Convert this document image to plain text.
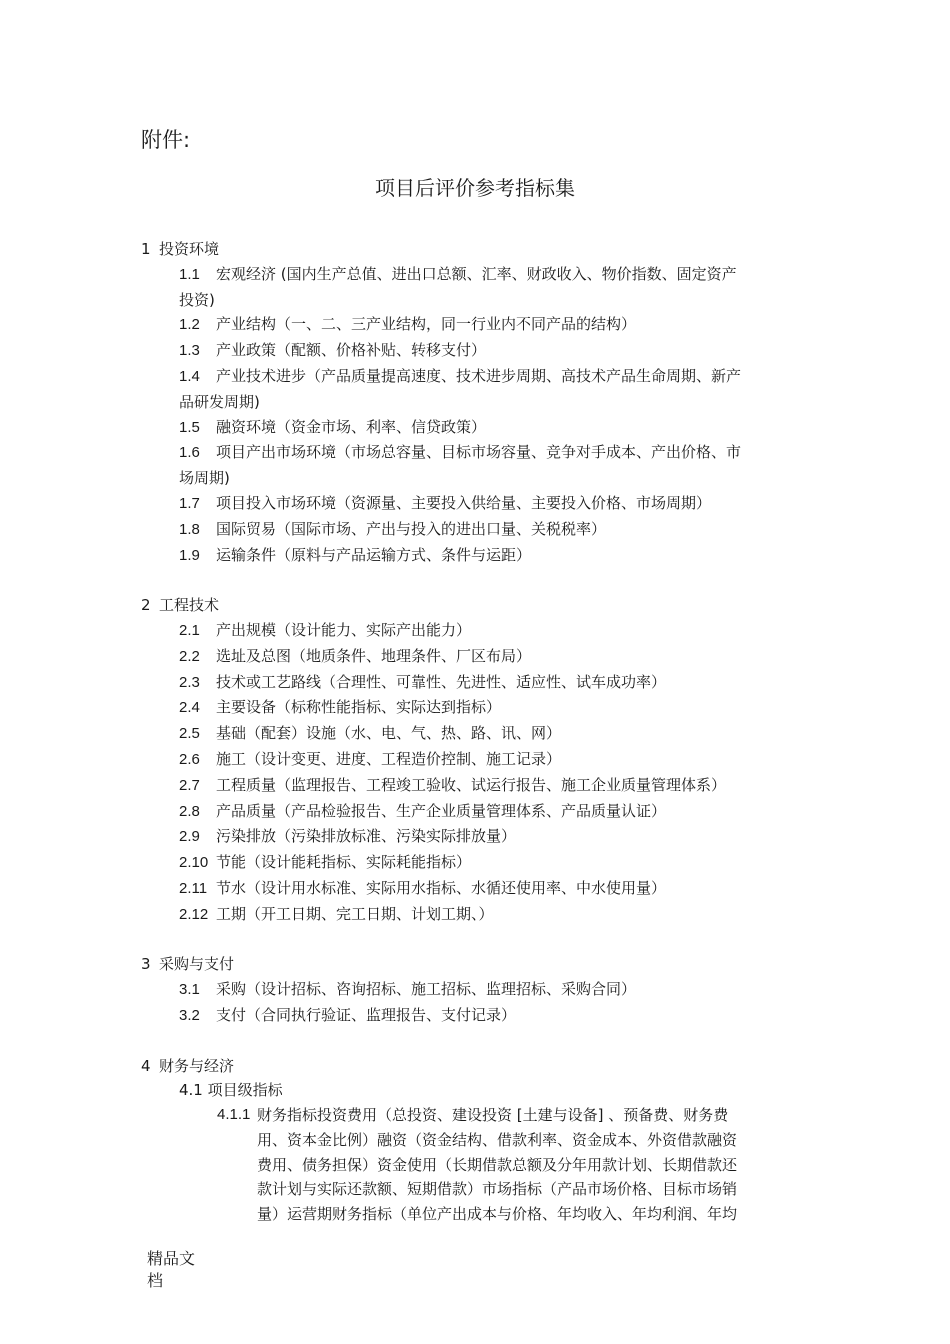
附件:
项目后评价参考指标集
1 投资环境
1.1 宏观经济 (国内生产总值、进出口总额、汇率、财政收入、物价指数、固定资产
投资)
1.2 产业结构（一、二、三产业结构，同一行业内不同产品的结构）
1.3 产业政策（配额、价格补贴、转移支付）
1.4 产业技术进步（产品质量提高速度、技术进步周期、高技术产品生命周期、新产
品研发周期)
1.5 融资环境（资金市场、利率、信贷政策）
1.6 项目产出市场环境（市场总容量、目标市场容量、竞争对手成本、产出价格、市
场周期)
1.7 项目投入市场环境（资源量、主要投入供给量、主要投入价格、市场周期）
1.8 国际贸易（国际市场、产出与投入的进出口量、关税税率）
1.9 运输条件（原料与产品运输方式、条件与运距）
2 工程技术
2.1 产出规模（设计能力、实际产出能力）
2.2 选址及总图（地质条件、地理条件、厂区布局）
2.3 技术或工艺路线（合理性、可靠性、先进性、适应性、试车成功率）
2.4 主要设备（标称性能指标、实际达到指标）
2.5 基础（配套）设施（水、电、气、热、路、讯、网）
2.6 施工（设计变更、进度、工程造价控制、施工记录）
2.7 工程质量（监理报告、工程竣工验收、试运行报告、施工企业质量管理体系）
2.8 产品质量（产品检验报告、生产企业质量管理体系、产品质量认证）
2.9 污染排放（污染排放标准、污染实际排放量）
2.10 节能（设计能耗指标、实际耗能指标）
2.11 节水（设计用水标准、实际用水指标、水循还使用率、中水使用量）
2.12 工期（开工日期、完工日期、计划工期、）
3 采购与支付
3.1 采购（设计招标、咨询招标、施工招标、监理招标、采购合同）
3.2 支付（合同执行验证、监理报告、支付记录）
4 财务与经济
4.1 项目级指标
4.1.1 财务指标投资费用（总投资、建设投资 [土建与设备] 、预备费、财务费
用、资本金比例）融资（资金结构、借款利率、资金成本、外资借款融资
费用、债务担保）资金使用（长期借款总额及分年用款计划、长期借款还
款计划与实际还款额、短期借款）市场指标（产品市场价格、目标市场销
量）运营期财务指标（单位产出成本与价格、年均收入、年均利润、年均
精品文
档
